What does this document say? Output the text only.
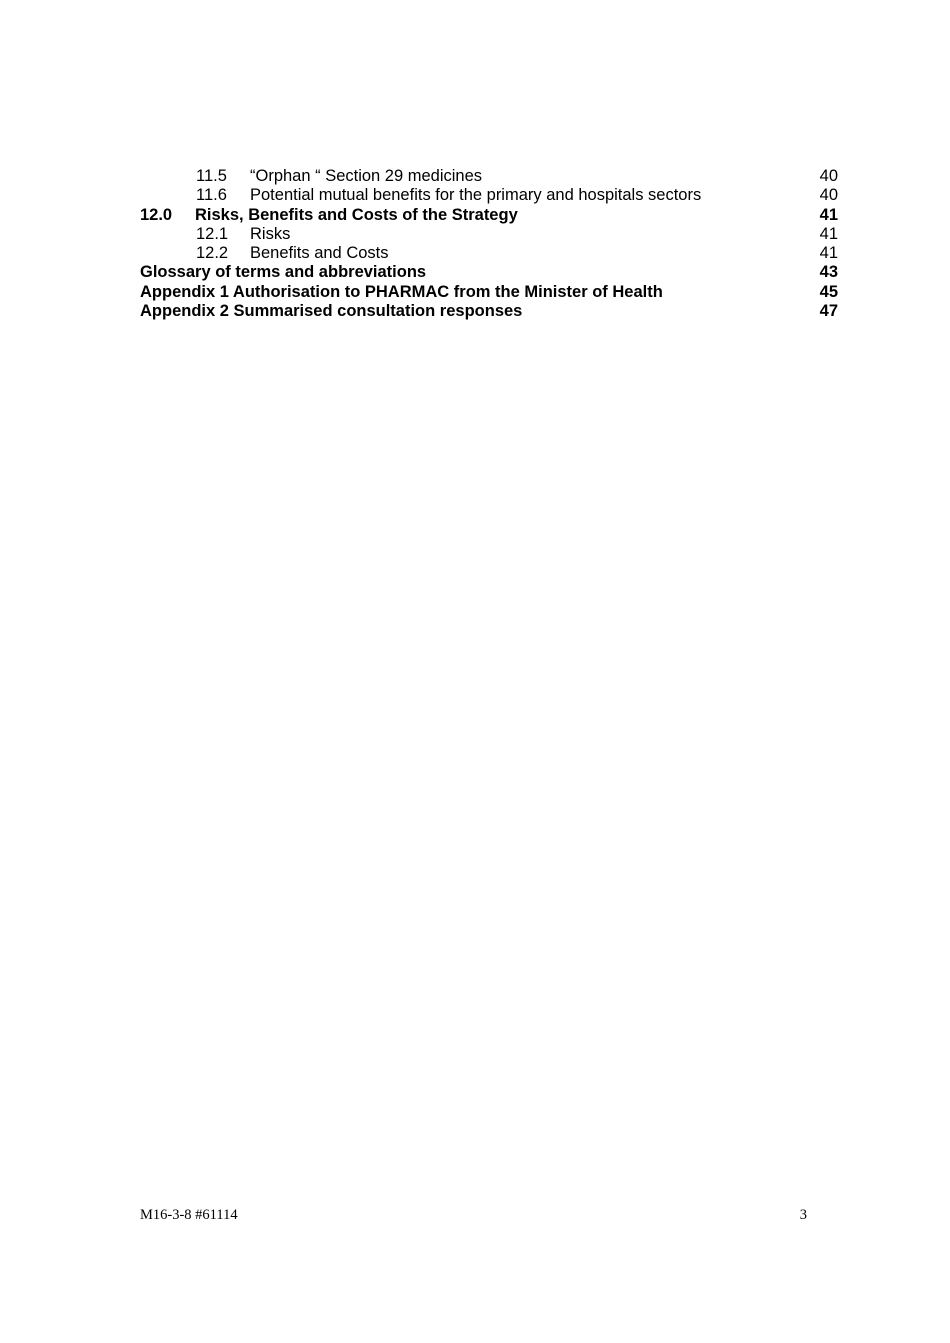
11.5 “Orphan “ Section 29 medicines	40
11.6 Potential mutual benefits for the primary and hospitals sectors	40
12.0 Risks, Benefits and Costs of the Strategy	41
12.1 Risks	41
12.2 Benefits and Costs	41
Glossary of terms and abbreviations	43
Appendix 1 Authorisation to PHARMAC from the Minister of Health	45
Appendix 2 Summarised consultation responses	47
M16-3-8 #61114	3
